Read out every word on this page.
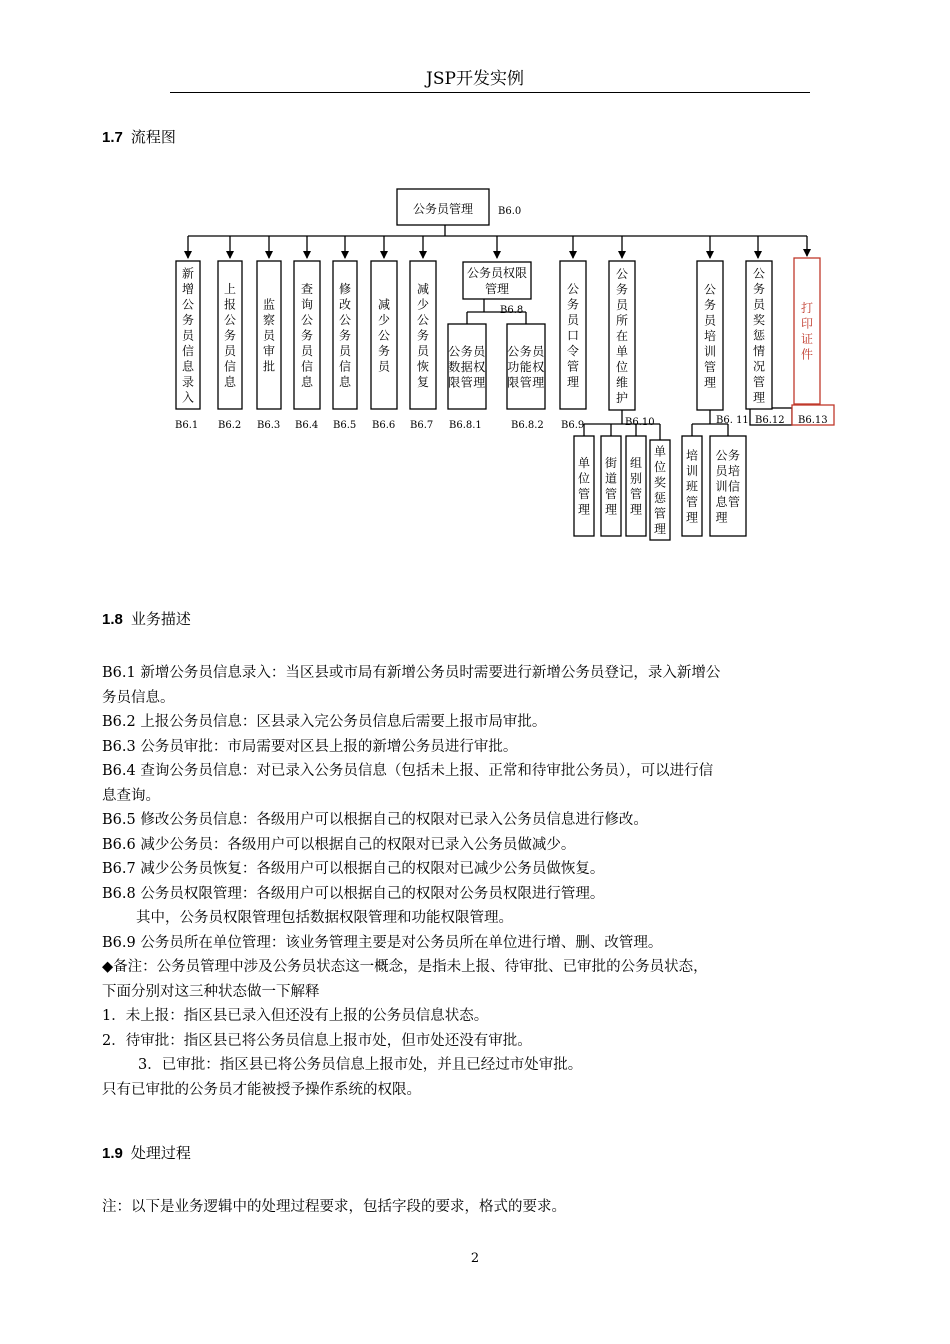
JSP开发实例
1.7 流程图
公务员管理
新
增
公
务
员
信
息
录
入
上
报
公
务
员
信
息
监
察
员
审
批
查
询
公
务
员
信
息
修
改
公
务
员
信
息
减
少
公
务
员
减
少
公
务
员
恢
复
公务员权限
管理
公 务 员
数 据 权
限 管 理
公 务 员
功 能 权
限 管 理
公
务
员
口
令
管
理
公
务
员
所
在
单
位
维
护
单
位
管
理
街
道
管
理
组
别
管
理
单
位
奖
惩
管
理
公
务
员
培
训
管
理
培
训
班
管
理
公 务
员 培
训 信
息 管
理
公
务
员
奖
惩
情
况
管
理
打
印
证
件
B6.0
B6.1 B6.2 B6.3 B6.4 B6.5 B6.6 B6.7
B6.8
B6.8.1	B6.8.2 B6.9	B6.10	B6. 11 B6.12 B6.13
1.8 业务描述

B6.1 新增公务员信息录入：当区县或市局有新增公务员时需要进行新增公务员登记，录入新增公

务员信息。

B6.2 上报公务员信息：区县录入完公务员信息后需要上报市局审批。

B6.3 公务员审批：市局需要对区县上报的新增公务员进行审批。

B6.4 查询公务员信息：对已录入公务员信息（包括未上报、正常和待审批公务员），可以进行信

息查询。

B6.5 修改公务员信息：各级用户可以根据自己的权限对已录入公务员信息进行修改。

B6.6 减少公务员：各级用户可以根据自己的权限对已录入公务员做减少。

B6.7 减少公务员恢复：各级用户可以根据自己的权限对已减少公务员做恢复。

B6.8 公务员权限管理：各级用户可以根据自己的权限对公务员权限进行管理。

其中，公务员权限管理包括数据权限管理和功能权限管理。

B6.9 公务员所在单位管理：该业务管理主要是对公务员所在单位进行增、删、改管理。

◆备注：公务员管理中涉及公务员状态这一概念，是指未上报、待审批、已审批的公务员状态，

下面分别对这三种状态做一下解释

1．未上报：指区县已录入但还没有上报的公务员信息状态。

2．待审批：指区县已将公务员信息上报市处，但市处还没有审批。

3．已审批：指区县已将公务员信息上报市处，并且已经过市处审批。

只有已审批的公务员才能被授予操作系统的权限。

1.9 处理过程
注：以下是业务逻辑中的处理过程要求，包括字段的要求，格式的要求。
2
